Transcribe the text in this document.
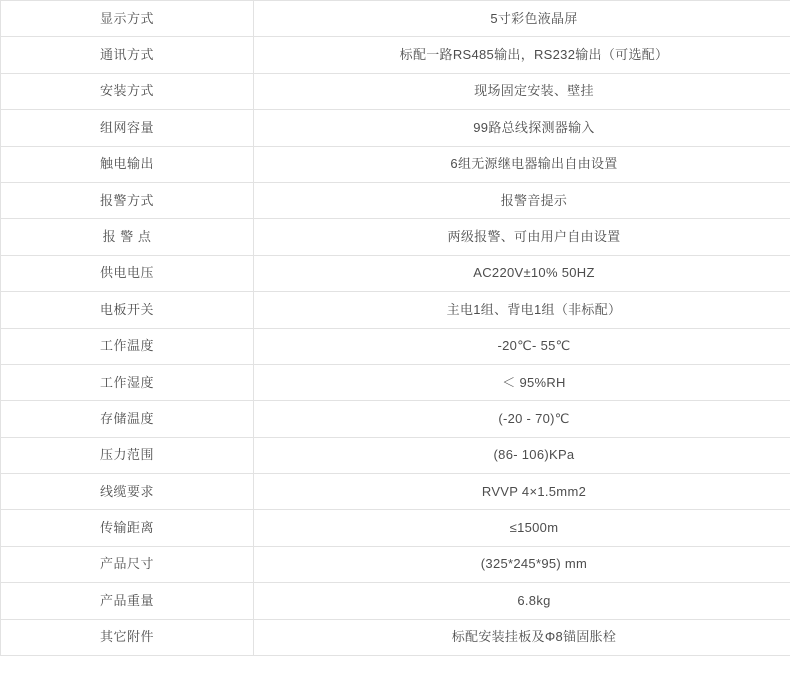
显示方式	5寸彩色液晶屏
通讯方式	标配一路RS485输出，RS232输出（可选配）
安装方式	现场固定安装、壁挂
组网容量	99路总线探测器输入
触电输出	6组无源继电器输出自由设置
报警方式	报警音提示
报 警 点	两级报警、可由用户自由设置
供电电压	AC220V±10% 50HZ
电板开关	主电1组、背电1组（非标配）
工作温度	-20℃- 55℃
工作湿度	＜ 95%RH
存储温度	(-20 - 70)℃
压力范围	(86- 106)KPa
线缆要求	RVVP 4×1.5mm2
传输距离	≤1500m
产品尺寸	(325*245*95) mm
产品重量	6.8kg
其它附件	标配安装挂板及Φ8锚固胀栓
